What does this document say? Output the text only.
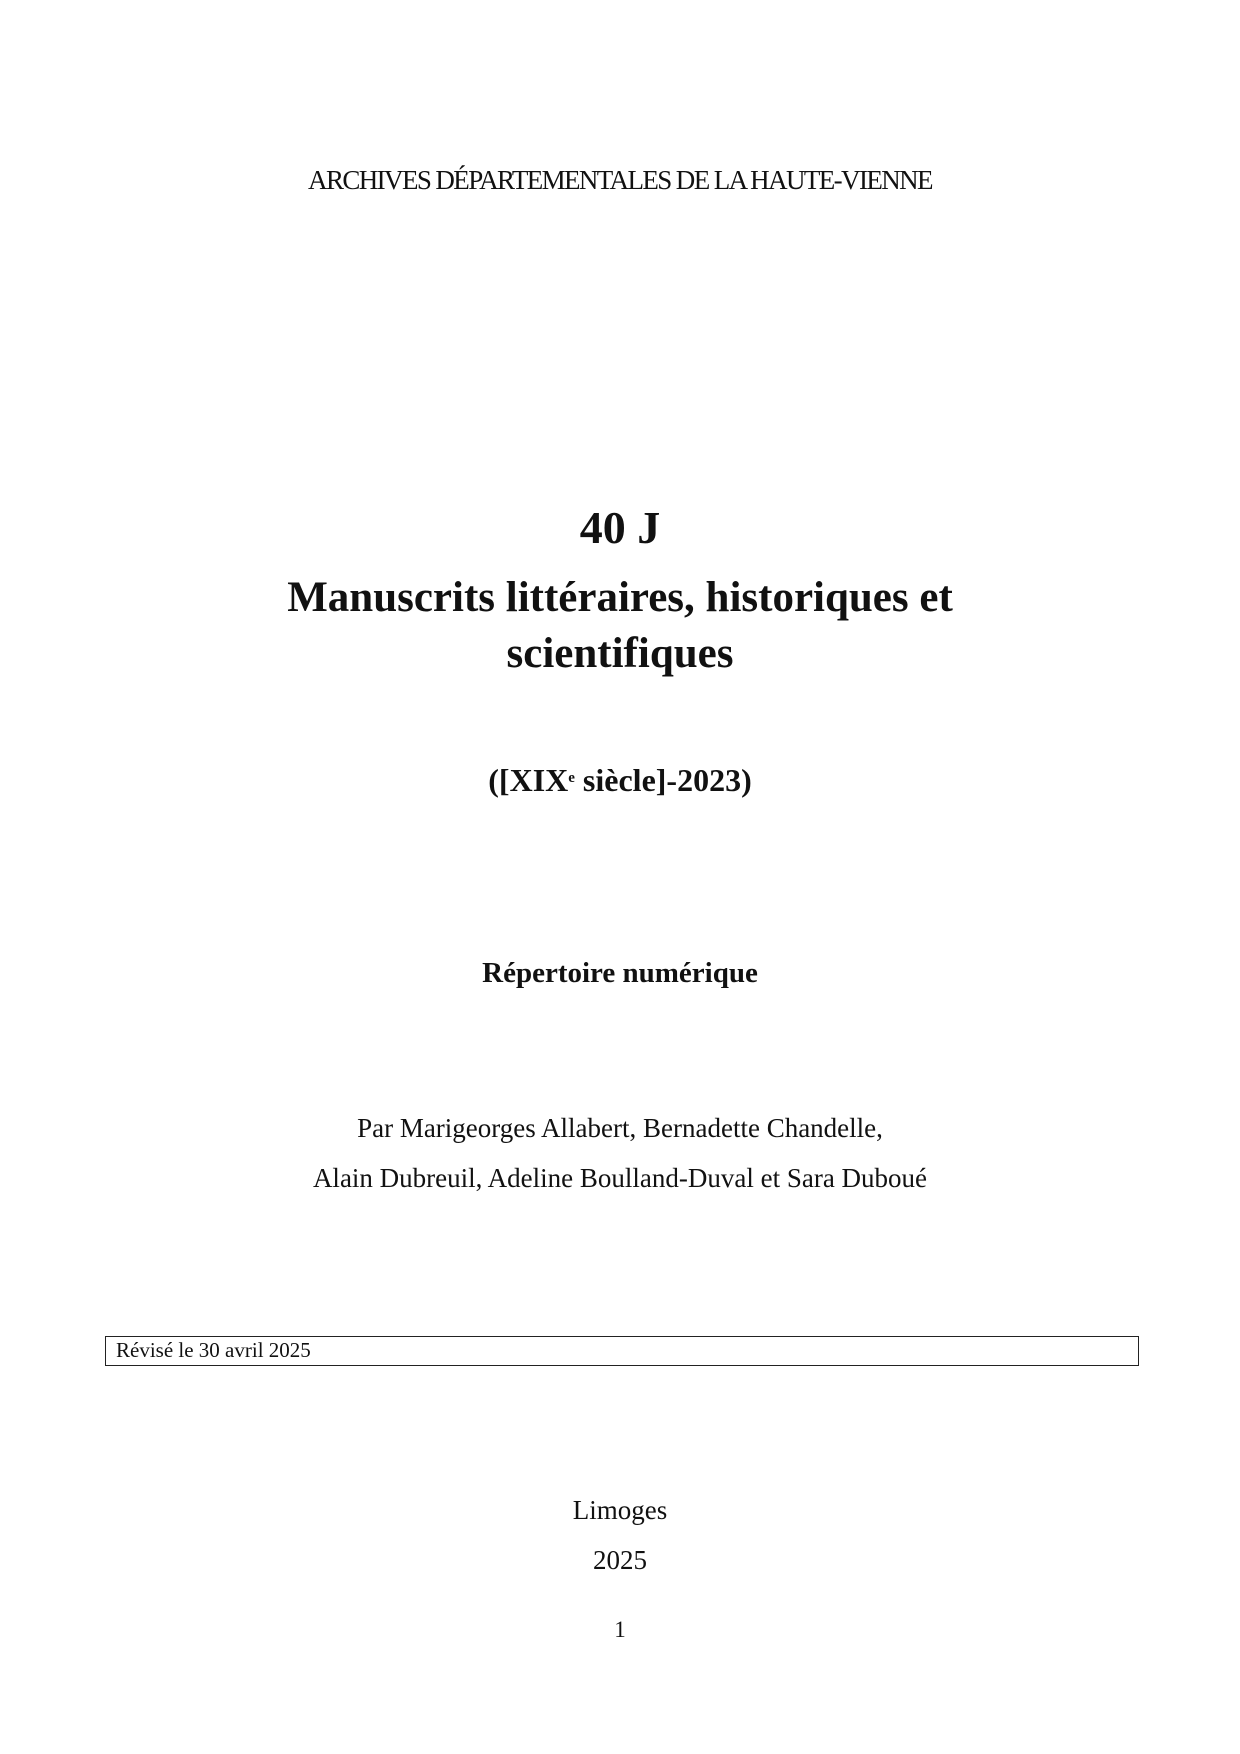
ARCHIVES DÉPARTEMENTALES DE LA HAUTE-VIENNE
40 J
Manuscrits littéraires, historiques et
scientifiques
([XIXe siècle]-2023)
Répertoire numérique
Par Marigeorges Allabert, Bernadette Chandelle,
Alain Dubreuil, Adeline Boulland-Duval et Sara Duboué
Révisé le 30 avril 2025
Limoges
2025
1
